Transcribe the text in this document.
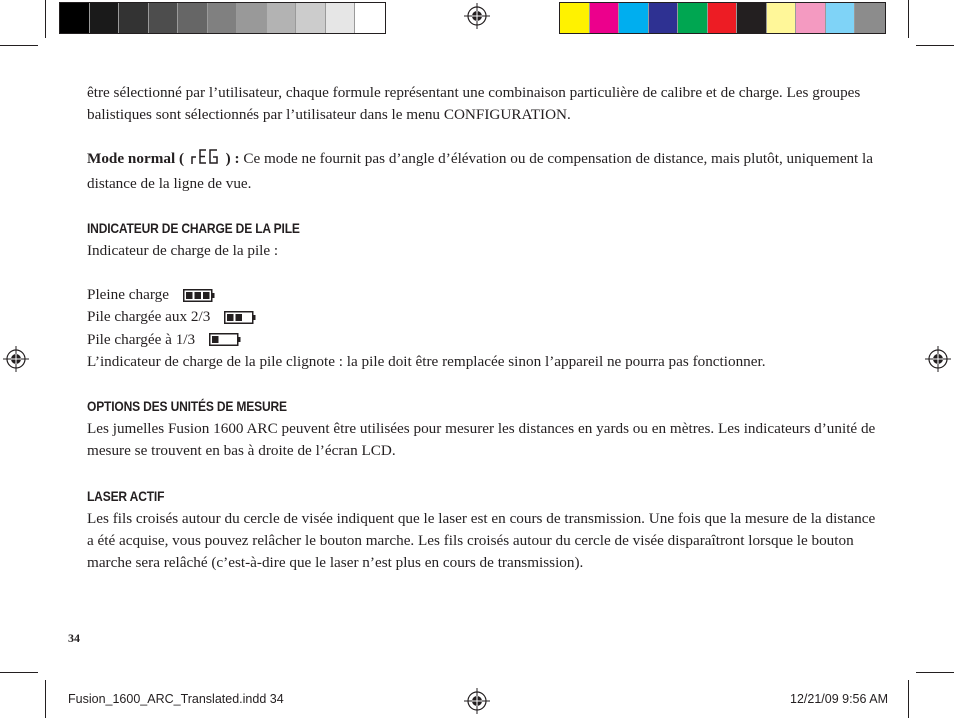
être sélectionné par l’utilisateur, chaque formule représentant une combinaison particulière de calibre et de charge. Les groupes balistiques sont sélectionnés par l’utilisateur dans le menu CONFIGURATION.

Mode normal (	) : Ce mode ne fournit pas d’angle d’élévation ou de compensation de distance, mais plutôt, uniquement la distance de la ligne de vue.

INDICATEUR DE CHARGE DE LA PILE

Indicateur de charge de la pile :

Pleine charge
Pile chargée aux 2/3
Pile chargée à 1/3

L’indicateur de charge de la pile clignote : la pile doit être remplacée sinon l’appareil ne pourra pas fonctionner.

OPTIONS DES UNITÉS DE MESURE

Les jumelles Fusion 1600 ARC peuvent être utilisées pour mesurer les distances en yards ou en mètres. Les indicateurs d’unité de mesure se trouvent en bas à droite de l’écran LCD.

LASER ACTIF

Les fils croisés autour du cercle de visée indiquent que le laser est en cours de transmission. Une fois que la mesure de la distance a été acquise, vous pouvez relâcher le bouton marche. Les fils croisés autour du cercle de visée disparaîtront lorsque le bouton marche sera relâché (c’est-à-dire que le laser n’est plus en cours de transmission).

34
Fusion_1600_ARC_Translated.indd 34	12/21/09 9:56 AM
